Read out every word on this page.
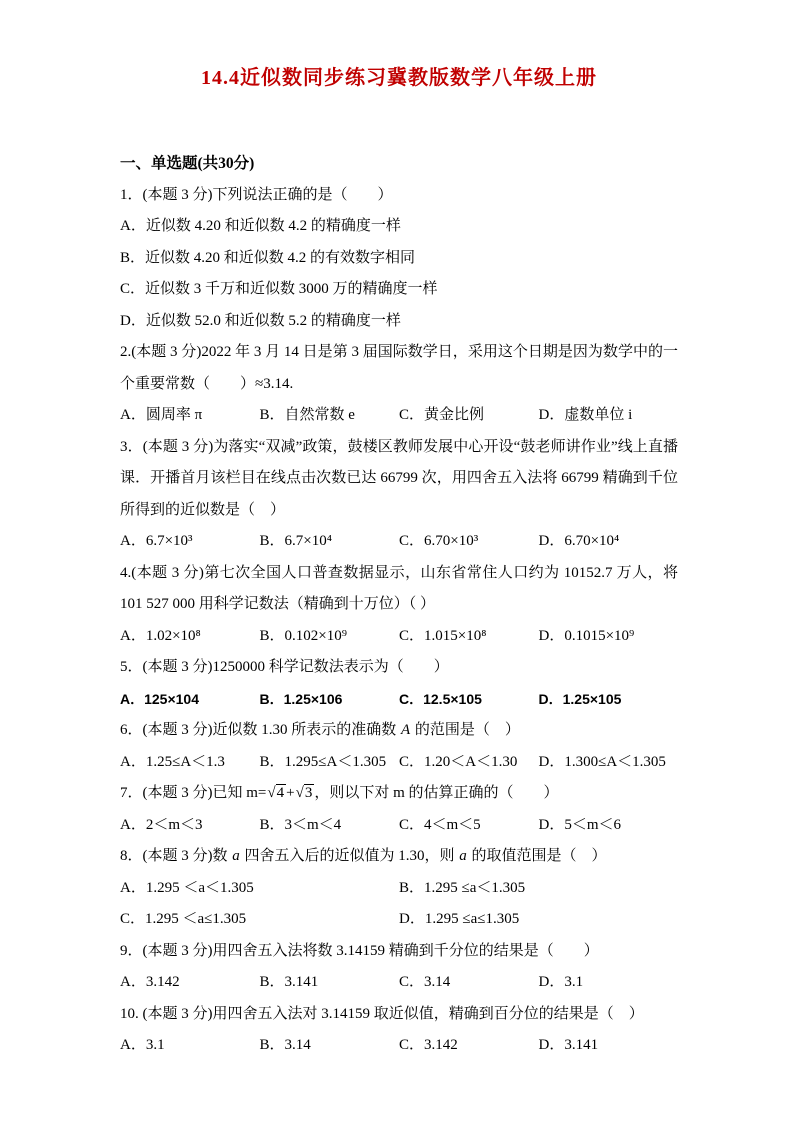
14.4近似数同步练习冀教版数学八年级上册
一、单选题(共30分)

1．(本题 3 分)下列说法正确的是（　　）

A．近似数 4.20 和近似数 4.2 的精确度一样

B．近似数 4.20 和近似数 4.2 的有效数字相同

C．近似数 3 千万和近似数 3000 万的精确度一样

D．近似数 52.0 和近似数 5.2 的精确度一样

2.(本题 3 分)2022 年 3 月 14 日是第 3 届国际数学日，采用这个日期是因为数学中的一个重要常数（　　）≈3.14.

A．圆周率 π	B．自然常数 e	C．黄金比例	D．虚数单位 i

3．(本题 3 分)为落实“双减”政策，鼓楼区教师发展中心开设“鼓老师讲作业”线上直播课．开播首月该栏目在线点击次数已达 66799 次，用四舍五入法将 66799 精确到千位所得到的近似数是（　）

A．6.7×10³	B．6.7×10⁴	C．6.70×10³	D．6.70×10⁴

4.(本题 3 分)第七次全国人口普查数据显示，山东省常住人口约为 10152.7 万人，将 101 527 000 用科学记数法（精确到十万位）（ ）

A．1.02×10⁸	B．0.102×10⁹	C．1.015×10⁸	D．0.1015×10⁹

5．(本题 3 分)1250000 科学记数法表示为（　　）

A．125×104	B．1.25×106	C．12.5×105	D．1.25×105

6．(本题 3 分)近似数 1.30 所表示的准确数 A 的范围是（　）

A．1.25≤A＜1.3	B．1.295≤A＜1.305 C．1.20＜A＜1.30	D．1.300≤A＜1.305

7．(本题 3 分)已知 m=√4 +√3 ，则以下对 m 的估算正确的（　　）

A．2＜m＜3	B．3＜m＜4	C．4＜m＜5	D．5＜m＜6

8．(本题 3 分)数 a 四舍五入后的近似值为 1.30，则 a 的取值范围是（　）

A．1.295 ＜a＜1.305	B．1.295 ≤a＜1.305
C．1.295 ＜a≤1.305	D．1.295 ≤a≤1.305

9．(本题 3 分)用四舍五入法将数 3.14159 精确到千分位的结果是（　　）

A．3.142	B．3.141	C．3.14	D．3.1

10. (本题 3 分)用四舍五入法对 3.14159 取近似值，精确到百分位的结果是（　）

A．3.1	B．3.14	C．3.142	D．3.141
